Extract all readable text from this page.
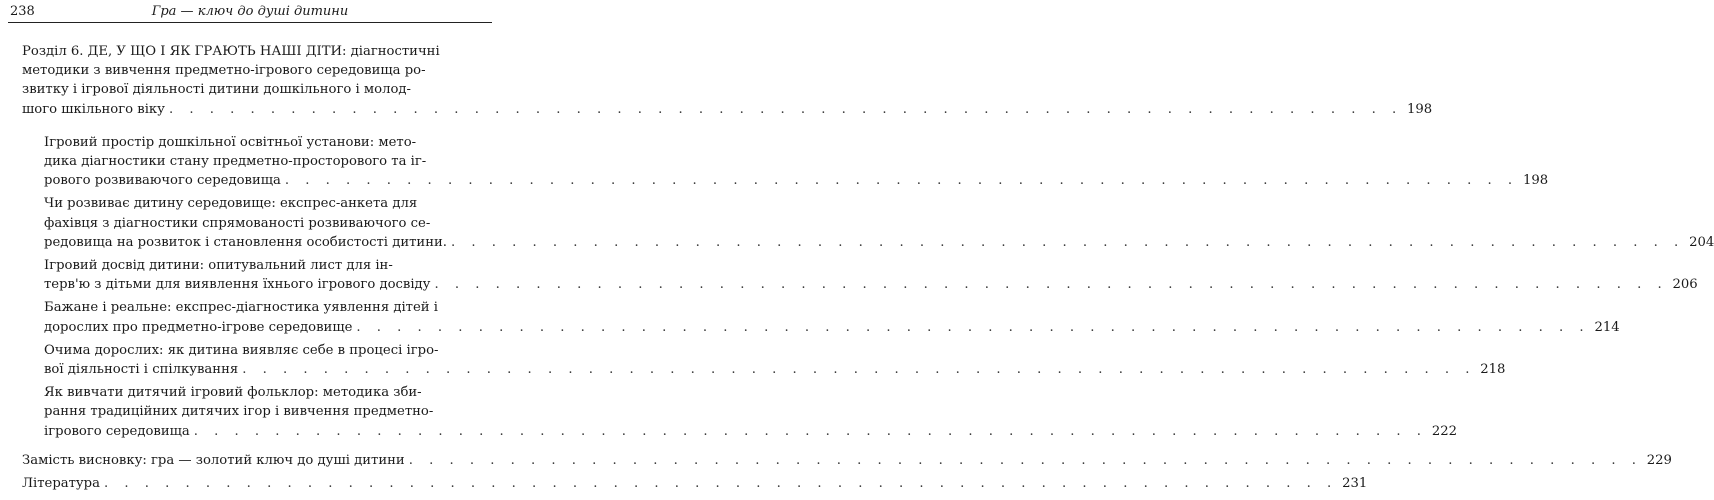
238	Гра — ключ до душі дитини
Розділ 6. ДЕ, У ЩО І ЯК ГРАЮТЬ НАШІ ДІТИ: діагностичні
методики з вивчення предметно-ігрового середовища ро-
звитку і ігрової діяльності дитини дошкільного і молод-
шого шкільного віку . . . . . . . . . . . . . . . . . . . . . . . . . . . . . . . . . . . . . . . . . . . . . . . . . . . . . . . . . . . . . 198
Ігровий простір дошкільної освітньої установи: мето-
дика діагностики стану предметно-просторового та іг-
рового розвиваючого середовища . . . . . . . . . . . . . . . . . . . . . . . . . . . . . . . . . . . . . . . . . . . . . . . . . . . . . . . . . . . . . 198
Чи розвиває дитину середовище: експрес-анкета для
фахівця з діагностики спрямованості розвиваючого се-
редовища на розвиток і становлення особистості дитини. . . . . . . . . . . . . . . . . . . . . . . . . . . . . . . . . . . . . . . . . . . . . . . . . . . . . . . . . . . . . . 204
Ігровий досвід дитини: опитувальний лист для ін-
терв'ю з дітьми для виявлення їхнього ігрового досвіду . . . . . . . . . . . . . . . . . . . . . . . . . . . . . . . . . . . . . . . . . . . . . . . . . . . . . . . . . . . . . 206
Бажане і реальне: експрес-діагностика уявлення дітей і
дорослих про предметно-ігрове середовище . . . . . . . . . . . . . . . . . . . . . . . . . . . . . . . . . . . . . . . . . . . . . . . . . . . . . . . . . . . . . 214
Очима дорослих: як дитина виявляє себе в процесі ігро-
вої діяльності і спілкування . . . . . . . . . . . . . . . . . . . . . . . . . . . . . . . . . . . . . . . . . . . . . . . . . . . . . . . . . . . . . 218
Як вивчати дитячий ігровий фольклор: методика зби-
рання традиційних дитячих ігор і вивчення предметно-
ігрового середовища . . . . . . . . . . . . . . . . . . . . . . . . . . . . . . . . . . . . . . . . . . . . . . . . . . . . . . . . . . . . . 222
Замість висновку: гра — золотий ключ до душі дитини . . . . . . . . . . . . . . . . . . . . . . . . . . . . . . . . . . . . . . . . . . . . . . . . . . . . . . . . . . . . . 229
Література . . . . . . . . . . . . . . . . . . . . . . . . . . . . . . . . . . . . . . . . . . . . . . . . . . . . . . . . . . . . . 231
